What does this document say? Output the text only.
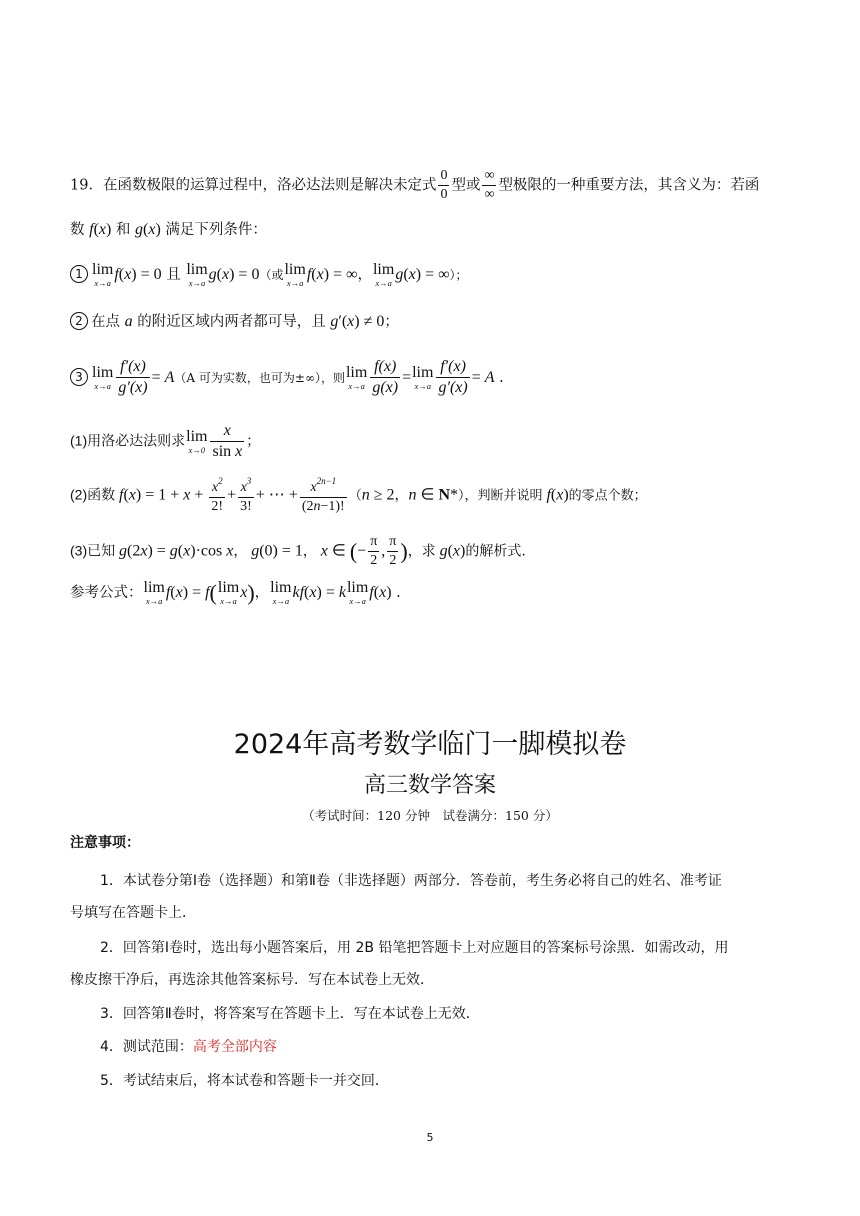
19．在函数极限的运算过程中，洛必达法则是解决未定式 $\frac{0}{0}$ 型或 $\frac{\infty}{\infty}$ 型极限的一种重要方法，其含义为：若函
数 f(x) 和 g(x) 满足下列条件：
1 lim
x→a
f(x) = 0 且 lim
x→a
g(x) = 0（或 lim
x→a
f(x) = ∞， lim
x→a
g(x) = ∞）；
2 在点 a 的附近区域内两者都可导，且 g′(x) ≠ 0；
3 lim
$x\to a \frac{f'(x)}{g'(x)} = A(A$ 可为实数，也可为±∞），则 lim
$x\to a \frac{f(x)}{g(x)} = \lim$
$x\to a \frac{f'(x)}{g'(x)} = A$ .
(1)用洛必达法则求 lim
$x\to 0 \frac{x}{\text{sin x}}$ ；
(2)函数 $f(x) = 1 + x + \frac{x^2}{2!} + \frac{x^3}{3!}$ + ⋯ + $\frac{x^{2n-1}}{(2n-1)!} (n \ge 2$，n ∈ N*），判断并说明 f(x)的零点个数；
(3)已知 g(2x) = g(x)·cos x， g(0) = 1， x ∈ (− $\frac{\pi}{2}$ , $\frac{\pi}{2}$ )，求 g(x)的解析式.
参考公式： lim
x→a
f(x) = f( lim
x→a
x)， lim
x→a
kf(x) = k lim
x→a
f(x) .
2024年高考数学临门一脚模拟卷
高三数学答案
（考试时间：120 分钟　试卷满分：150 分）
注意事项：
1．本试卷分第Ⅰ卷（选择题）和第Ⅱ卷（非选择题）两部分．答卷前，考生务必将自己的姓名、准考证
号填写在答题卡上．
2．回答第Ⅰ卷时，选出每小题答案后，用 2B 铅笔把答题卡上对应题目的答案标号涂黑．如需改动，用
橡皮擦干净后，再选涂其他答案标号．写在本试卷上无效．
3．回答第Ⅱ卷时，将答案写在答题卡上．写在本试卷上无效．
4．测试范围：高考全部内容
5．考试结束后，将本试卷和答题卡一并交回．
5
